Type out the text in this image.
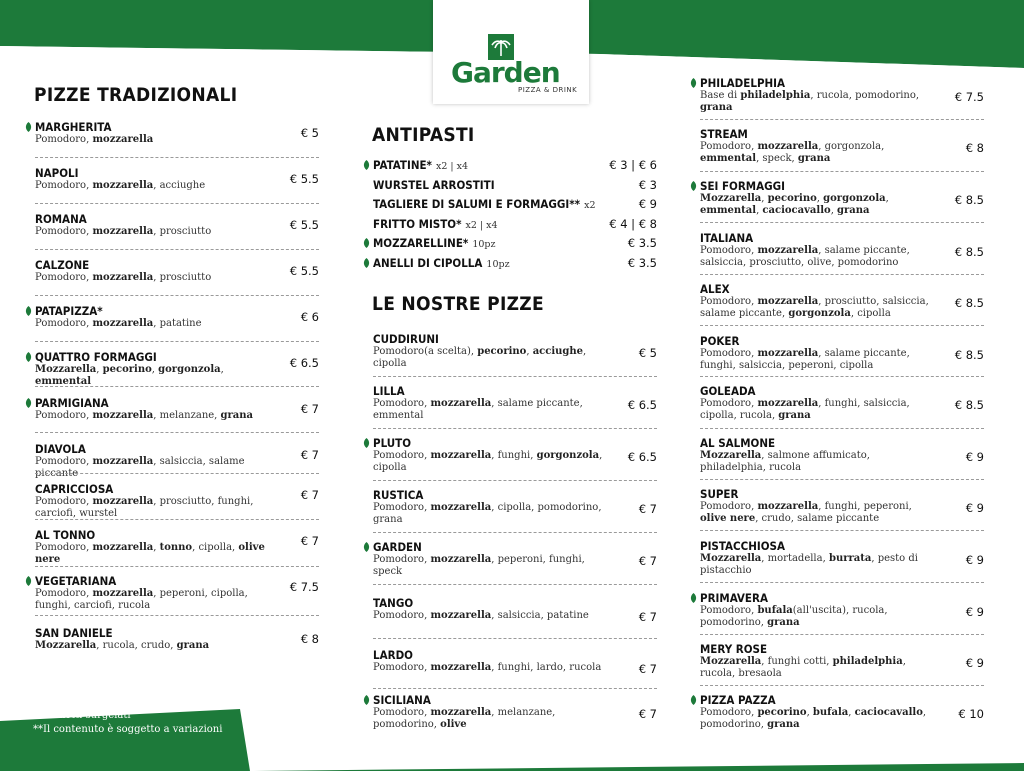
Garden
PIZZA & DRINK
PIZZE TRADIZIONALI
ANTIPASTI
LE NOSTRE PIZZE
MARGHERITA
Pomodoro, mozzarella	€ 5
NAPOLI
Pomodoro, mozzarella, acciughe	€ 5.5
ROMANA
Pomodoro, mozzarella, prosciutto	€ 5.5
CALZONE
Pomodoro, mozzarella, prosciutto	€ 5.5
PATAPIZZA*
Pomodoro, mozzarella, patatine	€ 6
QUATTRO FORMAGGI
Mozzarella, pecorino, gorgonzola, emmental
€ 6.5
PARMIGIANA
Pomodoro, mozzarella, melanzane, grana	€ 7
DIAVOLA
Pomodoro, mozzarella, salsiccia, salame piccante
€ 7
CAPRICCIOSA
Pomodoro, mozzarella, prosciutto, funghi, carciofi, wurstel
€ 7
AL TONNO
Pomodoro, mozzarella, tonno, cipolla, olive nere
€ 7
VEGETARIANA
Pomodoro, mozzarella, peperoni, cipolla, funghi, carciofi, rucola
€ 7.5
SAN DANIELE
Mozzarella, rucola, crudo, grana	€ 8
PATATINE* x2 | x4	€ 3 | € 6
WURSTEL ARROSTITI	€ 3
TAGLIERE DI SALUMI E FORMAGGI** x2	€ 9
FRITTO MISTO* x2 | x4	€ 4 | € 8
MOZZARELLINE* 10pz	€ 3.5
ANELLI DI CIPOLLA 10pz	€ 3.5
CUDDIRUNI
Pomodoro(a scelta), pecorino, acciughe, cipolla
€ 5
LILLA
Pomodoro, mozzarella, salame piccante, emmental
€ 6.5
PLUTO
Pomodoro, mozzarella, funghi, gorgonzola, cipolla
€ 6.5
RUSTICA
Pomodoro, mozzarella, cipolla, pomodorino, grana
€ 7
GARDEN
Pomodoro, mozzarella, peperoni, funghi, speck
€ 7
TANGO
Pomodoro, mozzarella, salsiccia, patatine	€ 7
LARDO
Pomodoro, mozzarella, funghi, lardo, rucola	€ 7
SICILIANA
Pomodoro, mozzarella, melanzane, pomodorino, olive
€ 7
PHILADELPHIA
Base di philadelphia, rucola, pomodorino, grana
€ 7.5
STREAM
Pomodoro, mozzarella, gorgonzola, emmental, speck, grana
€ 8
SEI FORMAGGI
Mozzarella, pecorino, gorgonzola, emmental, caciocavallo, grana
€ 8.5
ITALIANA
Pomodoro, mozzarella, salame piccante, salsiccia, prosciutto, olive, pomodorino
€ 8.5
ALEX
Pomodoro, mozzarella, prosciutto, salsiccia, salame piccante, gorgonzola, cipolla
€ 8.5
POKER
Pomodoro, mozzarella, salame piccante, funghi, salsiccia, peperoni, cipolla
€ 8.5
GOLEADA
Pomodoro, mozzarella, funghi, salsiccia, cipolla, rucola, grana
€ 8.5
AL SALMONE
Mozzarella, salmone affumicato, philadelphia, rucola
€ 9
SUPER
Pomodoro, mozzarella, funghi, peperoni, olive nere, crudo, salame piccante
€ 9
PISTACCHIOSA
Mozzarella, mortadella, burrata, pesto di pistacchio
€ 9
PRIMAVERA
Pomodoro, bufala(all'uscita), rucola, pomodorino, grana
€ 9
MERY ROSE
Mozzarella, funghi cotti, philadelphia, rucola, bresaola
€ 9
PIZZA PAZZA
Pomodoro, pecorino, bufala, caciocavallo, pomodorino, grana
€ 10
Vegetariano
* Prodotti surgelati
**Il contenuto è soggetto a variazioni
